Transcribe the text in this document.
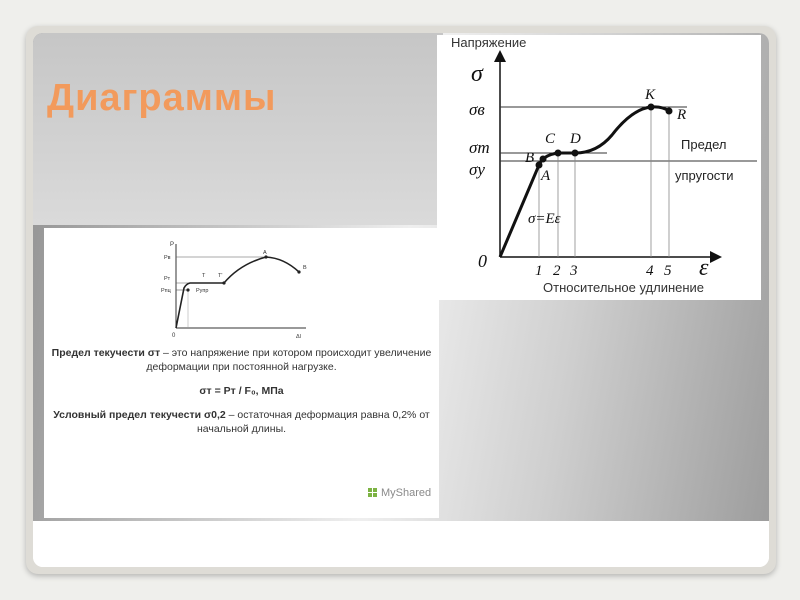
Диаграммы
P
Δl
0
Pв
Pт
Pпц	Pупр
T T'
A
B

Предел текучести σт – это напряжение при котором происходит увеличение деформации при постоянной нагрузке.

σт = Pт / F₀, МПа

Условный предел текучести σ0,2 – остаточная деформация равна 0,2% от начальной длины.

MyShared
Напряжение
Относительное удлинение
σ
ε
0
σв
σт
σу	A
B
C D
K
R
σ=Eε
Предел
упругости
1 2 3	4 5
